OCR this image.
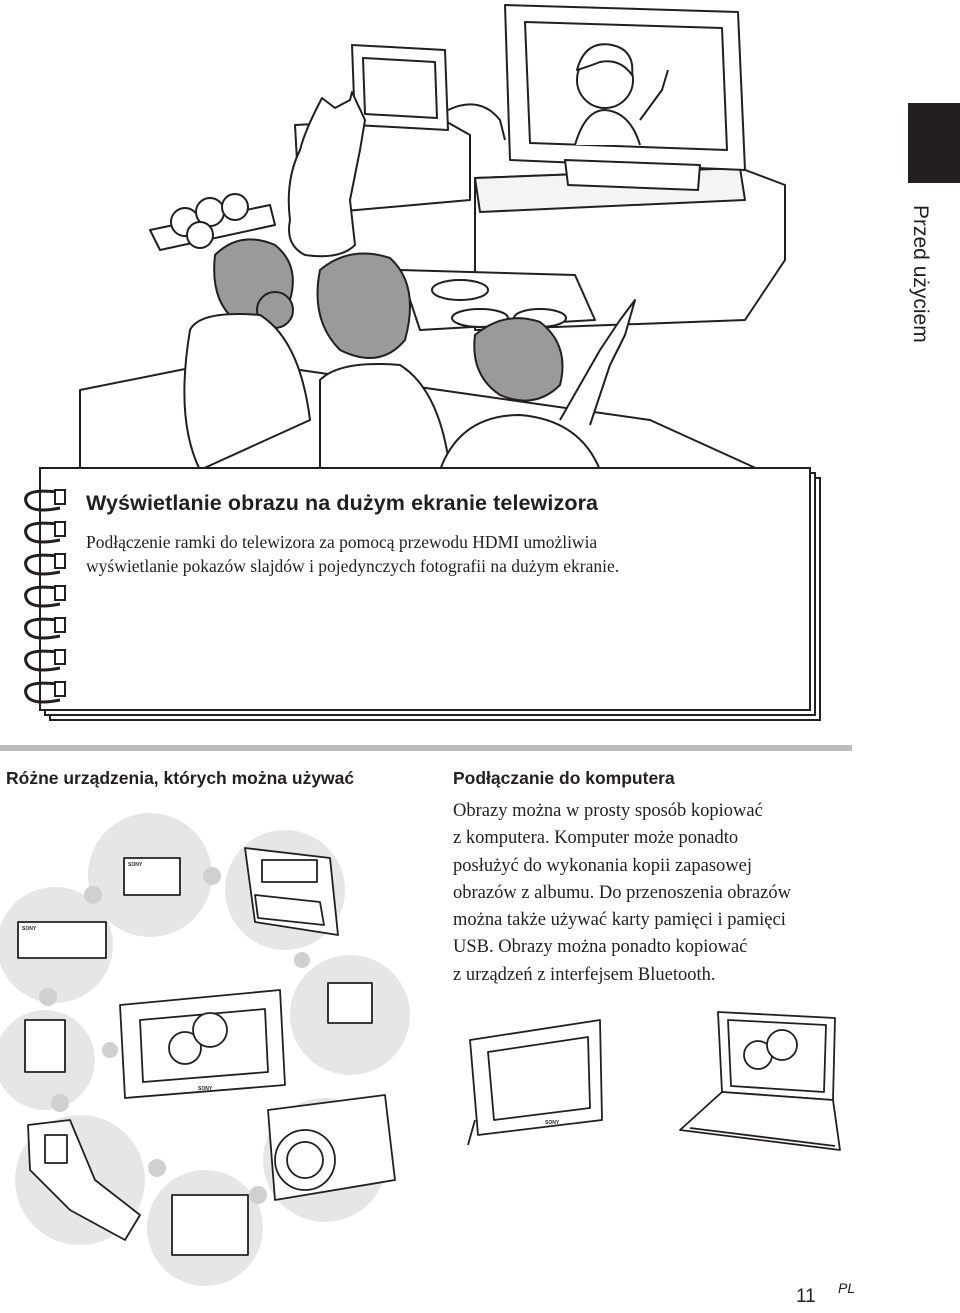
Przed użyciem
Wyświetlanie obrazu na dużym ekranie telewizora
Podłączenie ramki do telewizora za pomocą przewodu HDMI umożliwia
wyświetlanie pokazów slajdów i pojedynczych fotografii na dużym ekranie.
Różne urządzenia, których można używać
SONY
SONY
SONY
Podłączanie do komputera
Obrazy można w prosty sposób kopiować
z komputera. Komputer może ponadto
posłużyć do wykonania kopii zapasowej
obrazów z albumu. Do przenoszenia obrazów
można także używać karty pamięci i pamięci
USB. Obrazy można ponadto kopiować
z urządzeń z interfejsem Bluetooth.
SONY
11 PL
